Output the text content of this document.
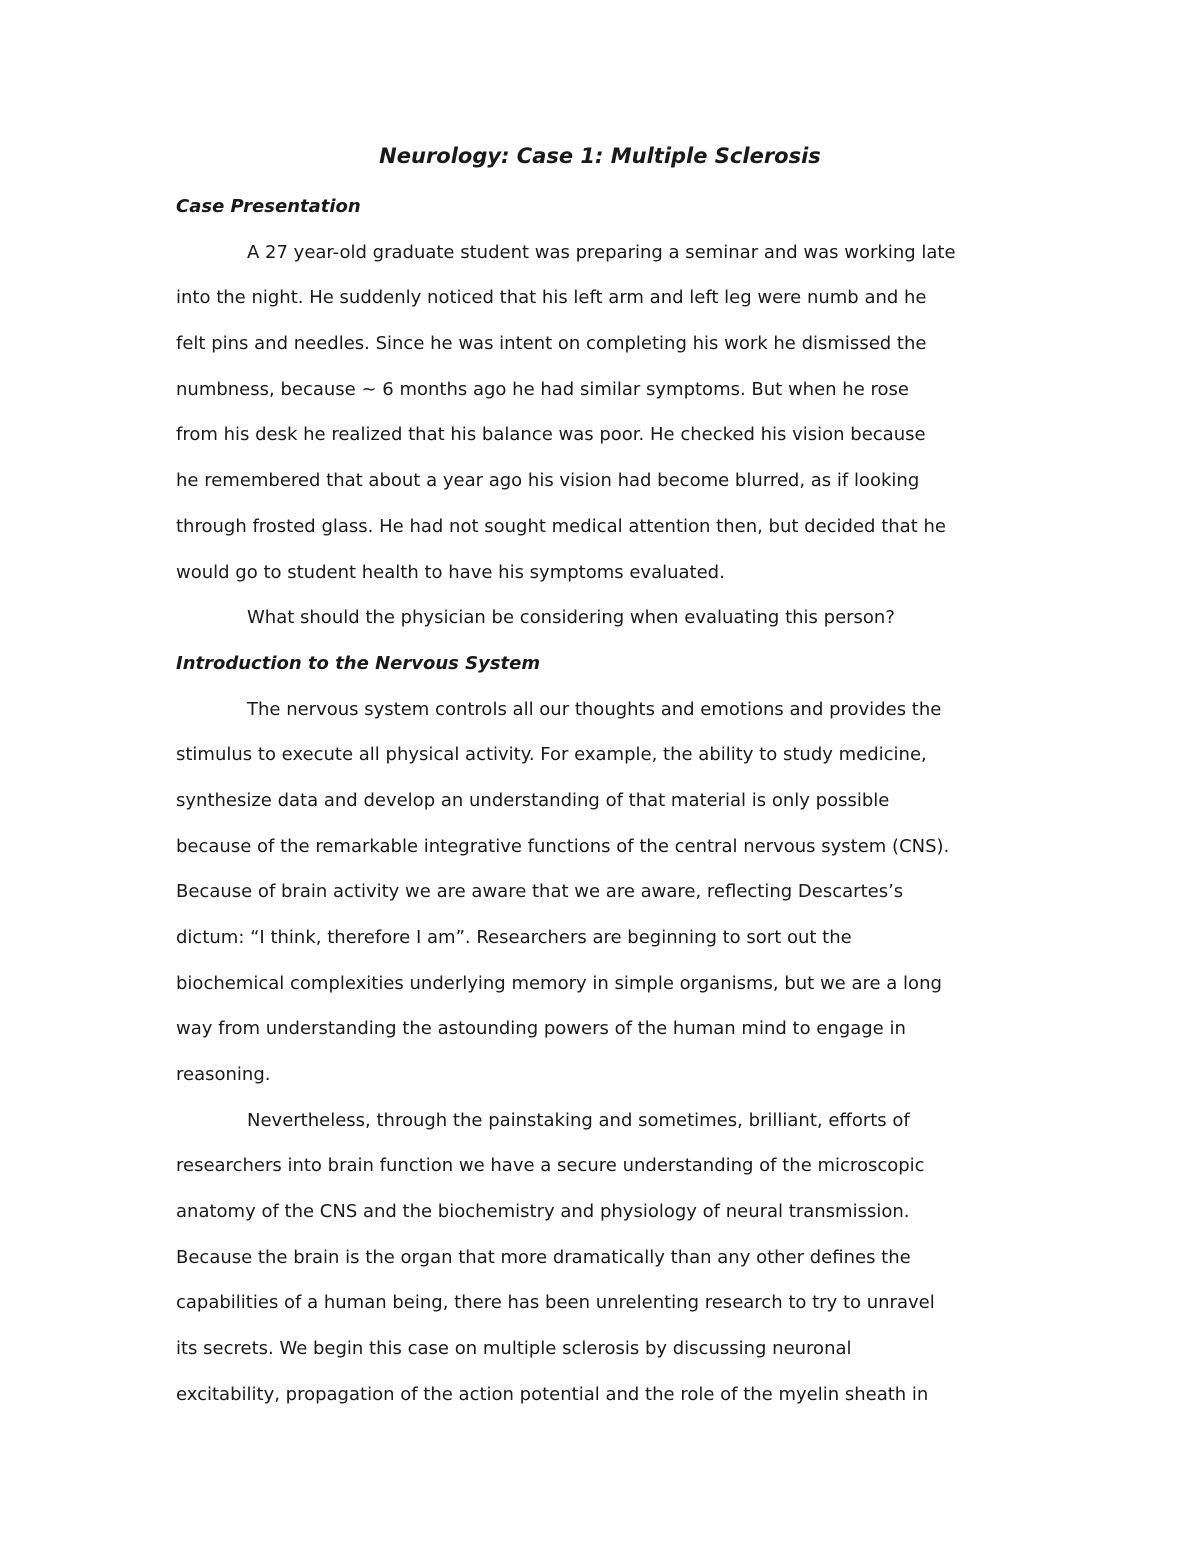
Neurology: Case 1: Multiple Sclerosis
Case Presentation

A 27 year-old graduate student was preparing a seminar and was working late

into the night. He suddenly noticed that his left arm and left leg were numb and he

felt pins and needles. Since he was intent on completing his work he dismissed the

numbness, because ~ 6 months ago he had similar symptoms. But when he rose

from his desk he realized that his balance was poor. He checked his vision because

he remembered that about a year ago his vision had become blurred, as if looking

through frosted glass. He had not sought medical attention then, but decided that he

would go to student health to have his symptoms evaluated.

What should the physician be considering when evaluating this person?

Introduction to the Nervous System

The nervous system controls all our thoughts and emotions and provides the

stimulus to execute all physical activity. For example, the ability to study medicine,

synthesize data and develop an understanding of that material is only possible

because of the remarkable integrative functions of the central nervous system (CNS).

Because of brain activity we are aware that we are aware, reflecting Descartes’s

dictum: “I think, therefore I am”. Researchers are beginning to sort out the

biochemical complexities underlying memory in simple organisms, but we are a long

way from understanding the astounding powers of the human mind to engage in

reasoning.

Nevertheless, through the painstaking and sometimes, brilliant, efforts of

researchers into brain function we have a secure understanding of the microscopic

anatomy of the CNS and the biochemistry and physiology of neural transmission.

Because the brain is the organ that more dramatically than any other defines the

capabilities of a human being, there has been unrelenting research to try to unravel

its secrets. We begin this case on multiple sclerosis by discussing neuronal

excitability, propagation of the action potential and the role of the myelin sheath in
